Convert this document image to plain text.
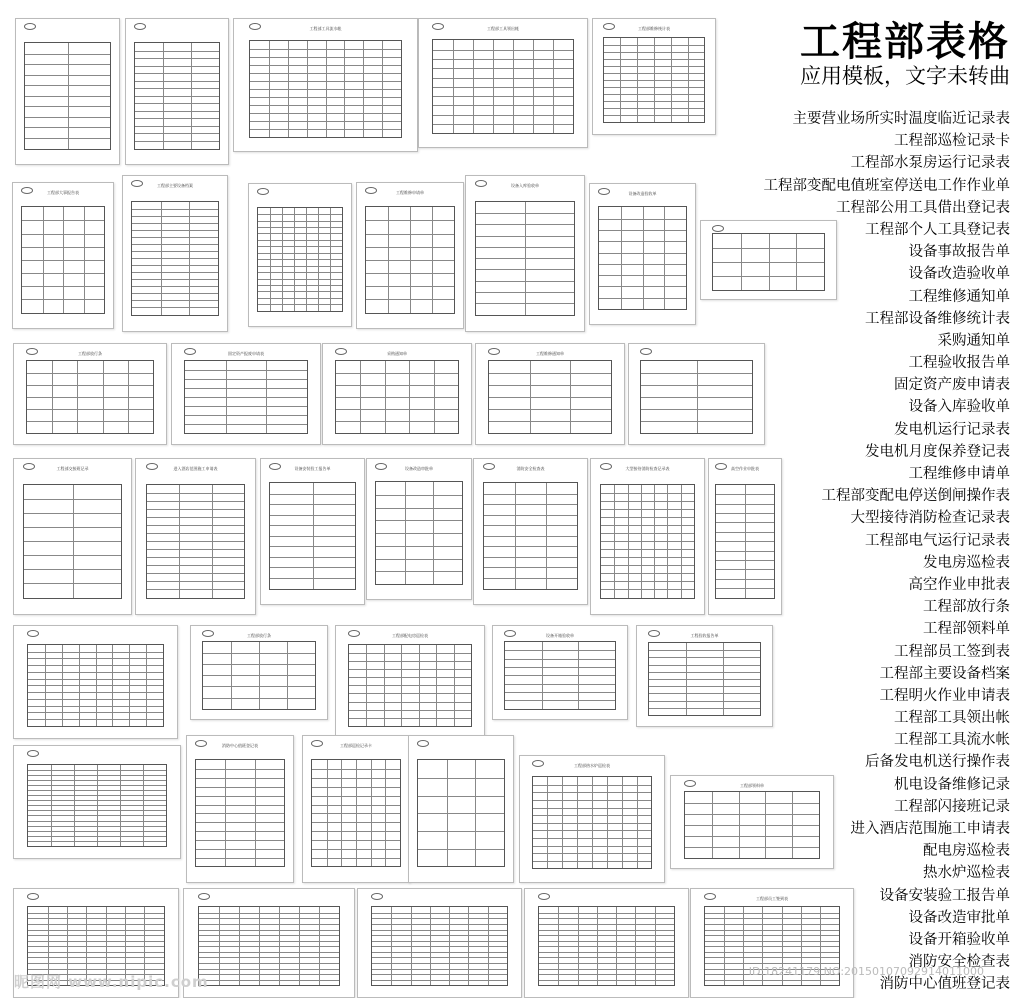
工程部工具流水帐	工程部工具领出帐	工程部维修统计表
工程部大事报告表
工程部主要设备档案
工程维修申请单
设备入库验收单
设备改造验收单
工程部放行条	固定资产报废申请表	采购通知单	工程维修通知单
工程部交接班记录	进入酒店范围施工申请表	设备安装验工报告单	设备改造审批单	消防安全检查表	大型接待消防检查记录表	高空作业申批表
工程部放行条	工程部配电房巡检表	设备开箱验收单	工程验收报告单
消防中心值班登记表	工程部巡检记录卡
工程部热水炉巡检表
工程部领料单
工程部员工签到表
工程部表格
应用模板，文字未转曲
主要营业场所实时温度临近记录表
工程部巡检记录卡
工程部水泵房运行记录表
工程部变配电值班室停送电工作作业单
工程部公用工具借出登记表
工程部个人工具登记表
设备事故报告单
设备改造验收单
工程维修通知单
工程部设备维修统计表
采购通知单
工程验收报告单
固定资产废申请表
设备入库验收单
发电机运行记录表
发电机月度保养登记表
工程维修申请单
工程部变配电停送倒闸操作表
大型接待消防检查记录表
工程部电气运行记录表
发电房巡检表
高空作业申批表
工程部放行条
工程部领料单
工程部员工签到表
工程部主要设备档案
工程明火作业申请表
工程部工具领出帐
工程部工具流水帐
后备发电机送行操作表
机电设备维修记录
工程部闪接班记录
进入酒店范围施工申请表
配电房巡检表
热水炉巡检表
设备安装验工报告单
设备改造审批单
设备开箱验收单
消防安全检查表
消防中心值班登记表
昵图网 www.nipic.com
ID:18241179 NO:20150107092914011000
